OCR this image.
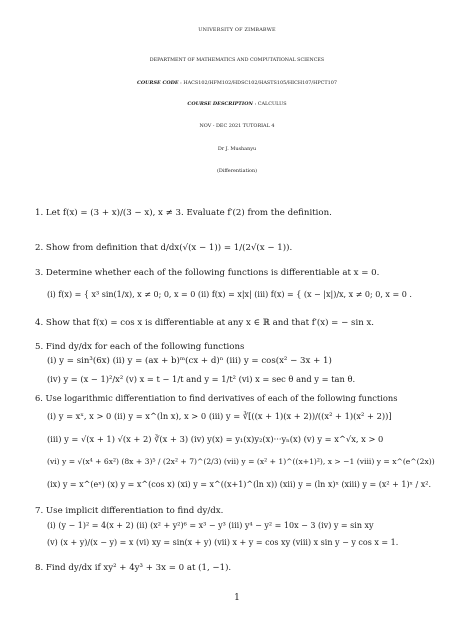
UNIVERSITY OF ZIMBABWE
DEPARTMENT OF MATHEMATICS AND COMPUTATIONAL SCIENCES
COURSE CODE : HACS102/HFM102/HDSC102/HASTS105/HICH107/HPCT107
COURSE DESCRIPTION : CALCULUS
NOV - DEC 2021 TUTORIAL 4
Dr J. Mushanyu
(Differentiation)
1. Let f(x) = (3 + x)/(3 − x), x ≠ 3. Evaluate f′(2) from the definition.
2. Show from definition that d/dx(√(x − 1)) = 1/(2√(x − 1)).
3. Determine whether each of the following functions is differentiable at x = 0.
(i) f(x) = { x³ sin(1/x), x ≠ 0; 0, x = 0 (ii) f(x) = x|x| (iii) f(x) = { (x − |x|)/x, x ≠ 0; 0, x = 0 .
4. Show that f(x) = cos x is differentiable at any x ∈ ℝ and that f′(x) = − sin x.
5. Find dy/dx for each of the following functions
(i) y = sin³(6x) (ii) y = (ax + b)ᵐ(cx + d)ⁿ (iii) y = cos(x² − 3x + 1)
(iv) y = (x − 1)²/x² (v) x = t − 1/t and y = 1/t² (vi) x = sec θ and y = tan θ.
6. Use logarithmic differentiation to find derivatives of each of the following functions
(i) y = xˣ, x > 0 (ii) y = x^(ln x), x > 0 (iii) y = ∛[((x + 1)(x + 2))/((x² + 1)(x² + 2))]
(iii) y = √(x + 1) √(x + 2) ∛(x + 3) (iv) y(x) = y₁(x)y₂(x)···yₙ(x) (v) y = x^√x, x > 0
(vi) y = √(x⁴ + 6x²) (8x + 3)⁵ / (2x² + 7)^(2/3) (vii) y = (x² + 1)^((x+1)²), x > −1 (viii) y = x^(e^(2x))
(ix) y = x^(eˣ) (x) y = x^(cos x) (xi) y = x^((x+1)^(ln x)) (xii) y = (ln x)ˣ (xiii) y = (x² + 1)ˣ / x².
7. Use implicit differentiation to find dy/dx.
(i) (y − 1)² = 4(x + 2) (ii) (x² + y²)⁶ = x³ − y³ (iii) y⁴ − y² = 10x − 3 (iv) y = sin xy
(v) (x + y)/(x − y) = x (vi) xy = sin(x + y) (vii) x + y = cos xy (viii) x sin y − y cos x = 1.
8. Find dy/dx if xy² + 4y³ + 3x = 0 at (1, −1).
1
